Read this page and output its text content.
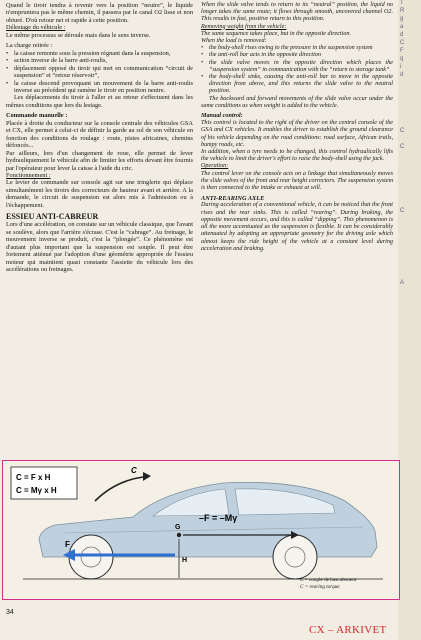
Quand le tiroir tendra à revenir vers la position “neutre”, le liquide n'empruntera pas le même chemin, il passera par le canal O2 lisse et non obturé. D'où retour net et rapide à cette position.

Délestage du véhicule :

Le même processus se déroule mais dans le sens inverse.

La charge retirée :

• la caisse remonte sous la pression régnant dans la suspension,

• action inverse de la barre anti-roulis,

• déplacement opposé du tiroir qui met en communication “circuit de suspension” et “retour réservoir”,

• la caisse descend provoquant un mouvement de la barre anti-roulis inverse au précédent qui ramène le tiroir en position neutre.

Les déplacements du tiroir à l'aller et au retour s'effectuent dans les mêmes conditions que lors du lestage.

Commande manuelle :

Placée à droite du conducteur sur la console centrale des véhicules GSA et CX, elle permet à celui-ci de définir la garde au sol de son véhicule en fonction des conditions de roulage : route, pistes africaines, chemins défoncés...

Par ailleurs, lors d'un changement de roue, elle permet de lever hydrauliquement le véhicule afin de limiter les efforts devant être fournis par l'opérateur pour lever la caisse à l'aide du cric.

Fonctionnement :

Le levier de commande sur console agit sur une tringlerie qui déplace simultanément les tiroirs des correcteurs de hauteur avant et arrière. A la demande, le circuit de suspension est alors mis à l'admission ou à l'échappement.

ESSIEU ANTI-CABREUR

Lors d'une accélération, on constate sur un véhicule classique, que l'avant se soulève, alors que l'arrière s'écrase. C'est le “cabrage”. Au freinage, le mouvement inverse se produit, c'est la “plongée”. Ce phénomène est d'autant plus important que la suspension est souple. Il peut être fortement atténué par l'adoption d'une géométrie appropriée de l'essieu moteur qui maintient quasi constante l'assiette du véhicule lors des accélérations ou freinages.

When the slide valve tends to return to its “neutral” position, the liquid no longer takes the same route; it flows through smooth, uncovered channel O2. This results in fast, positive return to this position.

Removing weight from the vehicle:

The same sequence takes place, but in the opposite direction.

When the load is removed:

• the body-shell rises owing to the pressure in the suspension system

• the anti-roll bar acts in the opposite direction

• the slide valve moves in the opposite direction which places the “suspension system” in communication with the “return to storage tank”

• the body-shell sinks, causing the anti-roll bar to move in the opposite direction from above, and this returns the slide valve to the neutral position.

The backward and forward movements of the slide valve occur under the same conditions as when weight is added to the vehicle.

Manual control:

This control is located to the right of the driver on the central console of the GSA and CX vehicles. It enables the driver to establish the ground clearance of his vehicle depending on the road conditions: road surface, African trails, bumpy roads, etc.

In addition, when a tyre needs to be changed, this control hydraulically lifts the vehicle to limit the driver's effort to raise the body-shell using the jack.

Operation:

The control lever on the console acts on a linkage that simultaneously moves the slide valves of the front and rear height correctors. The suspension system is then connected to the intake or exhaust at will.

ANTI-REARING AXLE

During acceleration of a conventional vehicle, it can be noticed that the front rises and the rear sinks. This is called “rearing”. During braking, the opposite movement occurs, and this is called “dipping”. This phenomenon is all the more accentuated as the suspension is flexible. It can be considerably attenuated by adopting an appropriate geometry for the driving axle which almost keeps the ride height of the vehicle at a constant level during acceleration and braking.

T
R
g
a
d
C
F
q
i
d
C
C
C
A
C = F x H
C = Mγ x H
C
F
G
H
–F = –Mγ
C = couple de basculement
C = rearing torque
34
CX – ARKIVET
